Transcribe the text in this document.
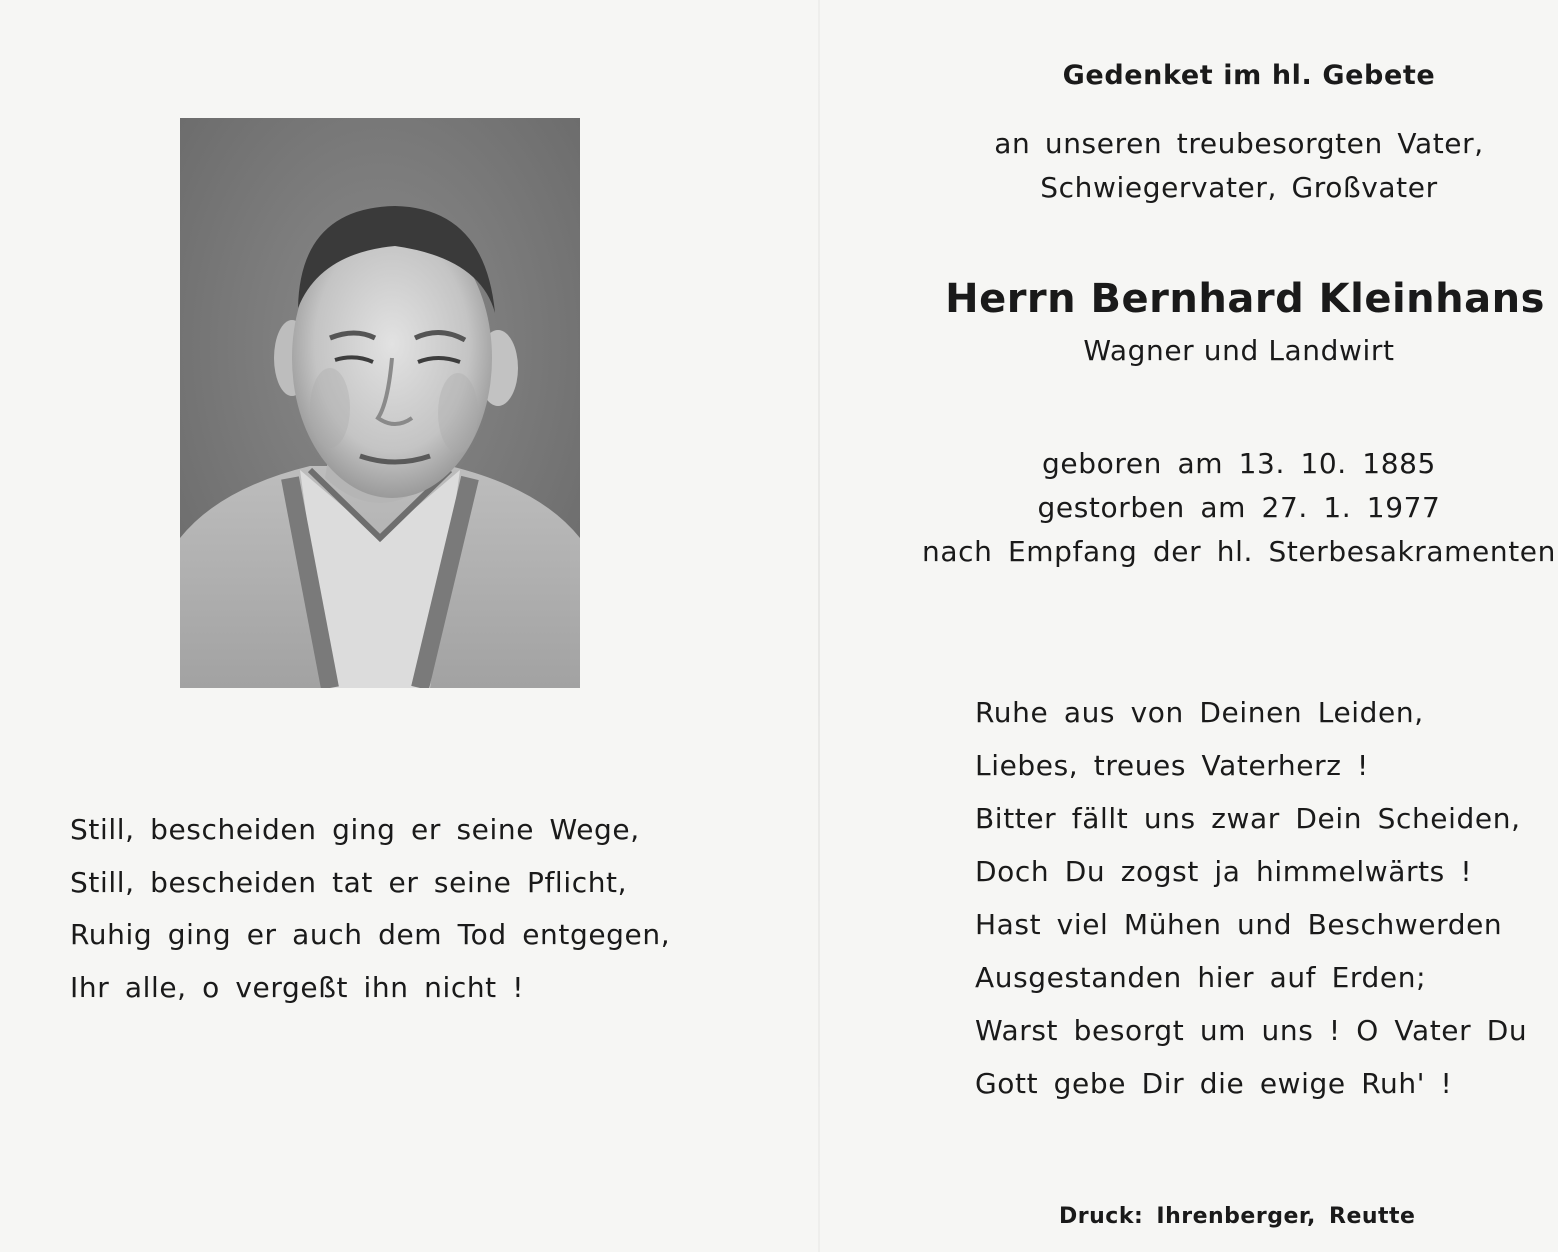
Still, bescheiden ging er seine Wege,
Still, bescheiden tat er seine Pflicht,
Ruhig ging er auch dem Tod entgegen,
Ihr alle, o vergeßt ihn nicht !
Gedenket im hl. Gebete
an unseren treubesorgten Vater,
Schwiegervater, Großvater
Herrn Bernhard Kleinhans
Wagner und Landwirt
geboren am 13. 10. 1885
gestorben am 27. 1. 1977
nach Empfang der hl. Sterbesakramenten
Ruhe aus von Deinen Leiden,
Liebes, treues Vaterherz !
Bitter fällt uns zwar Dein Scheiden,
Doch Du zogst ja himmelwärts !
Hast viel Mühen und Beschwerden
Ausgestanden hier auf Erden;
Warst besorgt um uns ! O Vater Du
Gott gebe Dir die ewige Ruh' !
Druck: Ihrenberger, Reutte
